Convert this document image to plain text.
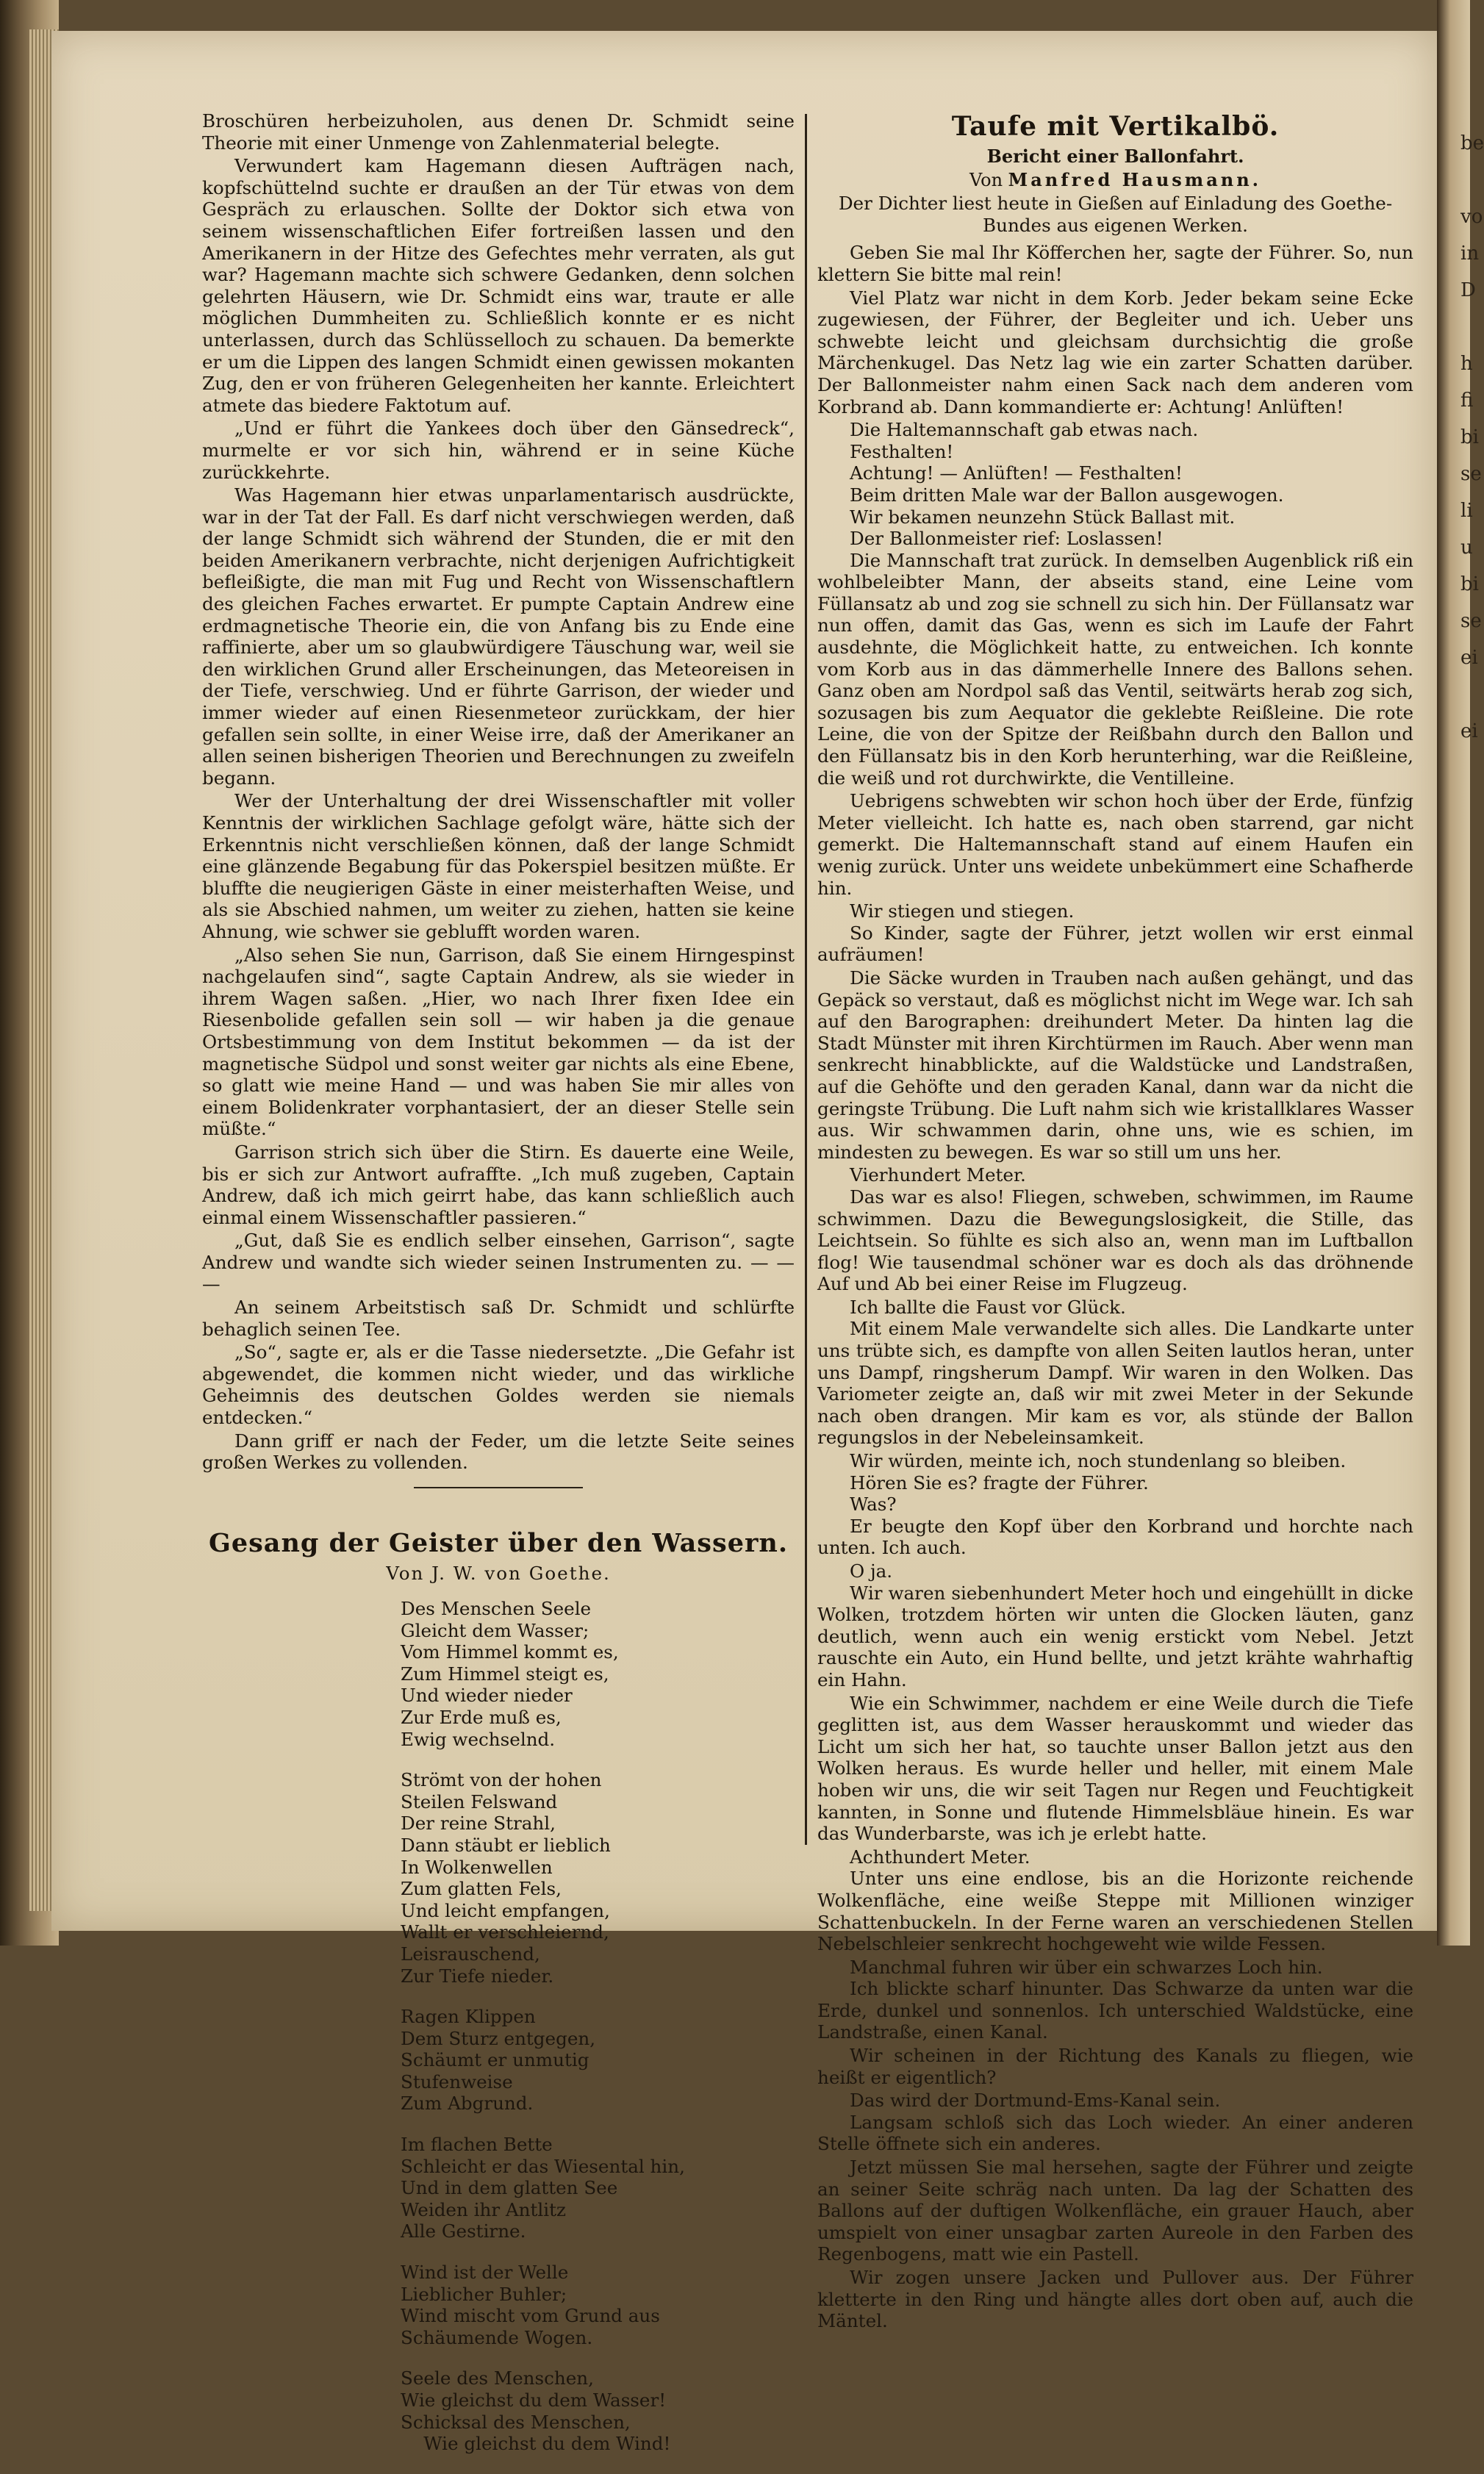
be

vo
in
D

h
fi
bi
se
li
u
bi
se
ei

ei

Broschüren herbeizuholen, aus denen Dr. Schmidt seine Theorie mit einer Unmenge von Zahlenmaterial belegte.

Verwundert kam Hagemann diesen Aufträgen nach, kopfschüttelnd suchte er draußen an der Tür etwas von dem Gespräch zu erlauschen. Sollte der Doktor sich etwa von seinem wissenschaftlichen Eifer fortreißen lassen und den Amerikanern in der Hitze des Gefechtes mehr verraten, als gut war? Hagemann machte sich schwere Gedanken, denn solchen gelehrten Häusern, wie Dr. Schmidt eins war, traute er alle möglichen Dummheiten zu. Schließlich konnte er es nicht unterlassen, durch das Schlüsselloch zu schauen. Da bemerkte er um die Lippen des langen Schmidt einen gewissen mokanten Zug, den er von früheren Gelegenheiten her kannte. Erleichtert atmete das biedere Faktotum auf.

„Und er führt die Yankees doch über den Gänsedreck“, murmelte er vor sich hin, während er in seine Küche zurückkehrte.

Was Hagemann hier etwas unparlamentarisch ausdrückte, war in der Tat der Fall. Es darf nicht verschwiegen werden, daß der lange Schmidt sich während der Stunden, die er mit den beiden Amerikanern verbrachte, nicht derjenigen Aufrichtigkeit befleißigte, die man mit Fug und Recht von Wissenschaftlern des gleichen Faches erwartet. Er pumpte Captain Andrew eine erdmagnetische Theorie ein, die von Anfang bis zu Ende eine raffinierte, aber um so glaubwürdigere Täuschung war, weil sie den wirklichen Grund aller Erscheinungen, das Meteoreisen in der Tiefe, verschwieg. Und er führte Garrison, der wieder und immer wieder auf einen Riesenmeteor zurückkam, der hier gefallen sein sollte, in einer Weise irre, daß der Amerikaner an allen seinen bisherigen Theorien und Berechnungen zu zweifeln begann.

Wer der Unterhaltung der drei Wissenschaftler mit voller Kenntnis der wirklichen Sachlage gefolgt wäre, hätte sich der Erkenntnis nicht verschließen können, daß der lange Schmidt eine glänzende Begabung für das Pokerspiel besitzen müßte. Er bluffte die neugierigen Gäste in einer meisterhaften Weise, und als sie Abschied nahmen, um weiter zu ziehen, hatten sie keine Ahnung, wie schwer sie geblufft worden waren.

„Also sehen Sie nun, Garrison, daß Sie einem Hirngespinst nachgelaufen sind“, sagte Captain Andrew, als sie wieder in ihrem Wagen saßen. „Hier, wo nach Ihrer fixen Idee ein Riesenbolide gefallen sein soll — wir haben ja die genaue Ortsbestimmung von dem Institut bekommen — da ist der magnetische Südpol und sonst weiter gar nichts als eine Ebene, so glatt wie meine Hand — und was haben Sie mir alles von einem Bolidenkrater vorphantasiert, der an dieser Stelle sein müßte.“

Garrison strich sich über die Stirn. Es dauerte eine Weile, bis er sich zur Antwort aufraffte. „Ich muß zugeben, Captain Andrew, daß ich mich geirrt habe, das kann schließlich auch einmal einem Wissenschaftler passieren.“

„Gut, daß Sie es endlich selber einsehen, Garrison“, sagte Andrew und wandte sich wieder seinen Instrumenten zu. — — —

An seinem Arbeitstisch saß Dr. Schmidt und schlürfte behaglich seinen Tee.

„So“, sagte er, als er die Tasse niedersetzte. „Die Gefahr ist abgewendet, die kommen nicht wieder, und das wirkliche Geheimnis des deutschen Goldes werden sie niemals entdecken.“

Dann griff er nach der Feder, um die letzte Seite seines großen Werkes zu vollenden.

Gesang der Geister über den Wassern.
Von J. W. von Goethe.
Des Menschen Seele
Gleicht dem Wasser;
Vom Himmel kommt es,
Zum Himmel steigt es,
Und wieder nieder
Zur Erde muß es,
Ewig wechselnd.
Strömt von der hohen
Steilen Felswand
Der reine Strahl,
Dann stäubt er lieblich
In Wolkenwellen
Zum glatten Fels,
Und leicht empfangen,
Wallt er verschleiernd,
Leisrauschend,
Zur Tiefe nieder.
Ragen Klippen
Dem Sturz entgegen,
Schäumt er unmutig
Stufenweise
Zum Abgrund.
Im flachen Bette
Schleicht er das Wiesental hin,
Und in dem glatten See
Weiden ihr Antlitz
Alle Gestirne.
Wind ist der Welle
Lieblicher Buhler;
Wind mischt vom Grund aus
Schäumende Wogen.
Seele des Menschen,
Wie gleichst du dem Wasser!
Schicksal des Menschen,
Wie gleichst du dem Wind!
Taufe mit Vertikalbö.
Bericht einer Ballonfahrt.
Von Manfred Hausmann.
Der Dichter liest heute in Gießen auf Einladung des Goethe-Bundes aus eigenen Werken.

Geben Sie mal Ihr Köfferchen her, sagte der Führer. So, nun klettern Sie bitte mal rein!

Viel Platz war nicht in dem Korb. Jeder bekam seine Ecke zugewiesen, der Führer, der Begleiter und ich. Ueber uns schwebte leicht und gleichsam durchsichtig die große Märchenkugel. Das Netz lag wie ein zarter Schatten darüber. Der Ballonmeister nahm einen Sack nach dem anderen vom Korbrand ab. Dann kommandierte er: Achtung! Anlüften!

Die Haltemannschaft gab etwas nach.

Festhalten!

Achtung! — Anlüften! — Festhalten!

Beim dritten Male war der Ballon ausgewogen.

Wir bekamen neunzehn Stück Ballast mit.

Der Ballonmeister rief: Loslassen!

Die Mannschaft trat zurück. In demselben Augenblick riß ein wohlbeleibter Mann, der abseits stand, eine Leine vom Füllansatz ab und zog sie schnell zu sich hin. Der Füllansatz war nun offen, damit das Gas, wenn es sich im Laufe der Fahrt ausdehnte, die Möglichkeit hatte, zu entweichen. Ich konnte vom Korb aus in das dämmerhelle Innere des Ballons sehen. Ganz oben am Nordpol saß das Ventil, seitwärts herab zog sich, sozusagen bis zum Aequator die geklebte Reißleine. Die rote Leine, die von der Spitze der Reißbahn durch den Ballon und den Füllansatz bis in den Korb herunterhing, war die Reißleine, die weiß und rot durchwirkte, die Ventilleine.

Uebrigens schwebten wir schon hoch über der Erde, fünfzig Meter vielleicht. Ich hatte es, nach oben starrend, gar nicht gemerkt. Die Haltemannschaft stand auf einem Haufen ein wenig zurück. Unter uns weidete unbekümmert eine Schafherde hin.

Wir stiegen und stiegen.

So Kinder, sagte der Führer, jetzt wollen wir erst einmal aufräumen!

Die Säcke wurden in Trauben nach außen gehängt, und das Gepäck so verstaut, daß es möglichst nicht im Wege war. Ich sah auf den Barographen: dreihundert Meter. Da hinten lag die Stadt Münster mit ihren Kirchtürmen im Rauch. Aber wenn man senkrecht hinabblickte, auf die Waldstücke und Landstraßen, auf die Gehöfte und den geraden Kanal, dann war da nicht die geringste Trübung. Die Luft nahm sich wie kristallklares Wasser aus. Wir schwammen darin, ohne uns, wie es schien, im mindesten zu bewegen. Es war so still um uns her.

Vierhundert Meter.

Das war es also! Fliegen, schweben, schwimmen, im Raume schwimmen. Dazu die Bewegungslosigkeit, die Stille, das Leichtsein. So fühlte es sich also an, wenn man im Luftballon flog! Wie tausendmal schöner war es doch als das dröhnende Auf und Ab bei einer Reise im Flugzeug.

Ich ballte die Faust vor Glück.

Mit einem Male verwandelte sich alles. Die Landkarte unter uns trübte sich, es dampfte von allen Seiten lautlos heran, unter uns Dampf, ringsherum Dampf. Wir waren in den Wolken. Das Variometer zeigte an, daß wir mit zwei Meter in der Sekunde nach oben drangen. Mir kam es vor, als stünde der Ballon regungslos in der Nebeleinsamkeit.

Wir würden, meinte ich, noch stundenlang so bleiben.

Hören Sie es? fragte der Führer.

Was?

Er beugte den Kopf über den Korbrand und horchte nach unten. Ich auch.

O ja.

Wir waren siebenhundert Meter hoch und eingehüllt in dicke Wolken, trotzdem hörten wir unten die Glocken läuten, ganz deutlich, wenn auch ein wenig erstickt vom Nebel. Jetzt rauschte ein Auto, ein Hund bellte, und jetzt krähte wahrhaftig ein Hahn.

Wie ein Schwimmer, nachdem er eine Weile durch die Tiefe geglitten ist, aus dem Wasser herauskommt und wieder das Licht um sich her hat, so tauchte unser Ballon jetzt aus den Wolken heraus. Es wurde heller und heller, mit einem Male hoben wir uns, die wir seit Tagen nur Regen und Feuchtigkeit kannten, in Sonne und flutende Himmelsbläue hinein. Es war das Wunderbarste, was ich je erlebt hatte.

Achthundert Meter.

Unter uns eine endlose, bis an die Horizonte reichende Wolkenfläche, eine weiße Steppe mit Millionen winziger Schattenbuckeln. In der Ferne waren an verschiedenen Stellen Nebelschleier senkrecht hochgeweht wie wilde Fessen.

Manchmal fuhren wir über ein schwarzes Loch hin.

Ich blickte scharf hinunter. Das Schwarze da unten war die Erde, dunkel und sonnenlos. Ich unterschied Waldstücke, eine Landstraße, einen Kanal.

Wir scheinen in der Richtung des Kanals zu fliegen, wie heißt er eigentlich?

Das wird der Dortmund-Ems-Kanal sein.

Langsam schloß sich das Loch wieder. An einer anderen Stelle öffnete sich ein anderes.

Jetzt müssen Sie mal hersehen, sagte der Führer und zeigte an seiner Seite schräg nach unten. Da lag der Schatten des Ballons auf der duftigen Wolkenfläche, ein grauer Hauch, aber umspielt von einer unsagbar zarten Aureole in den Farben des Regenbogens, matt wie ein Pastell.

Wir zogen unsere Jacken und Pullover aus. Der Führer kletterte in den Ring und hängte alles dort oben auf, auch die Mäntel.
